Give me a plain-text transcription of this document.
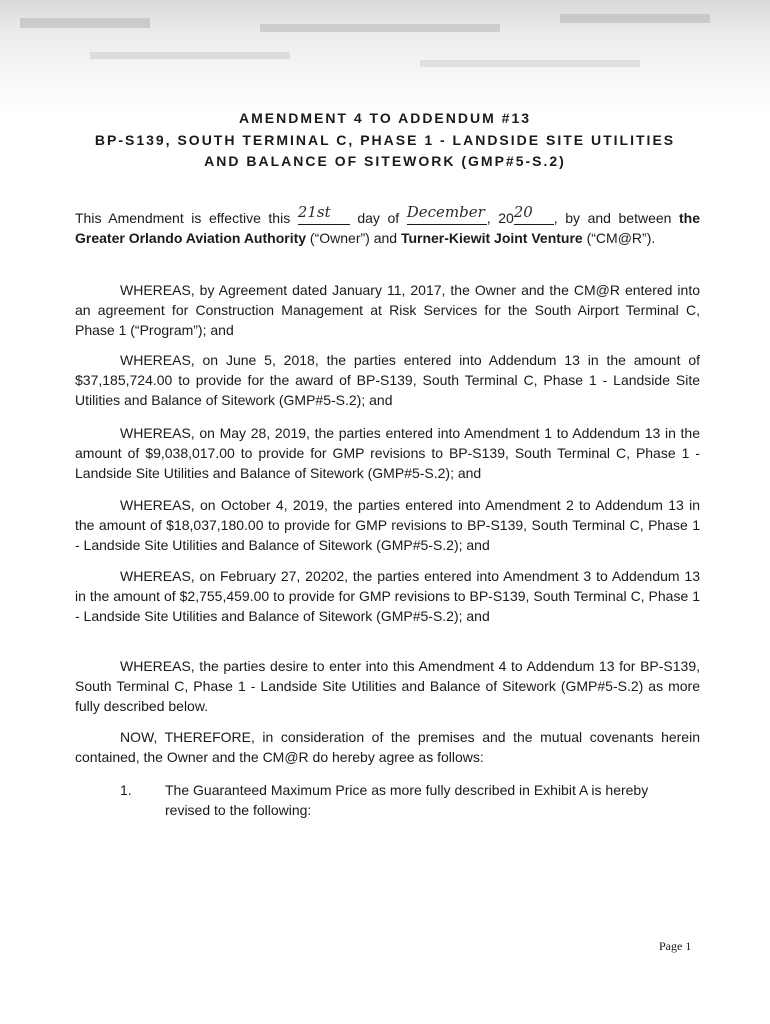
AMENDMENT 4 TO ADDENDUM #13
BP-S139, SOUTH TERMINAL C, PHASE 1 - LANDSIDE SITE UTILITIES
AND BALANCE OF SITEWORK (GMP#5-S.2)
This Amendment is effective this 21st day of December , 2020 , by and between the Greater Orlando Aviation Authority (“Owner”) and Turner-Kiewit Joint Venture (“CM@R”).
WHEREAS, by Agreement dated January 11, 2017, the Owner and the CM@R entered into an agreement for Construction Management at Risk Services for the South Airport Terminal C, Phase 1 (“Program”); and
WHEREAS, on June 5, 2018, the parties entered into Addendum 13 in the amount of $37,185,724.00 to provide for the award of BP-S139, South Terminal C, Phase 1 - Landside Site Utilities and Balance of Sitework (GMP#5-S.2); and
WHEREAS, on May 28, 2019, the parties entered into Amendment 1 to Addendum 13 in the amount of $9,038,017.00 to provide for GMP revisions to BP-S139, South Terminal C, Phase 1 - Landside Site Utilities and Balance of Sitework (GMP#5-S.2); and
WHEREAS, on October 4, 2019, the parties entered into Amendment 2 to Addendum 13 in the amount of $18,037,180.00 to provide for GMP revisions to BP-S139, South Terminal C, Phase 1 - Landside Site Utilities and Balance of Sitework (GMP#5-S.2); and
WHEREAS, on February 27, 20202, the parties entered into Amendment 3 to Addendum 13 in the amount of $2,755,459.00 to provide for GMP revisions to BP-S139, South Terminal C, Phase 1 - Landside Site Utilities and Balance of Sitework (GMP#5-S.2); and
WHEREAS, the parties desire to enter into this Amendment 4 to Addendum 13 for BP-S139, South Terminal C, Phase 1 - Landside Site Utilities and Balance of Sitework (GMP#5-S.2) as more fully described below.
NOW, THEREFORE, in consideration of the premises and the mutual covenants herein contained, the Owner and the CM@R do hereby agree as follows:
1. The Guaranteed Maximum Price as more fully described in Exhibit A is hereby revised to the following:
Page 1
